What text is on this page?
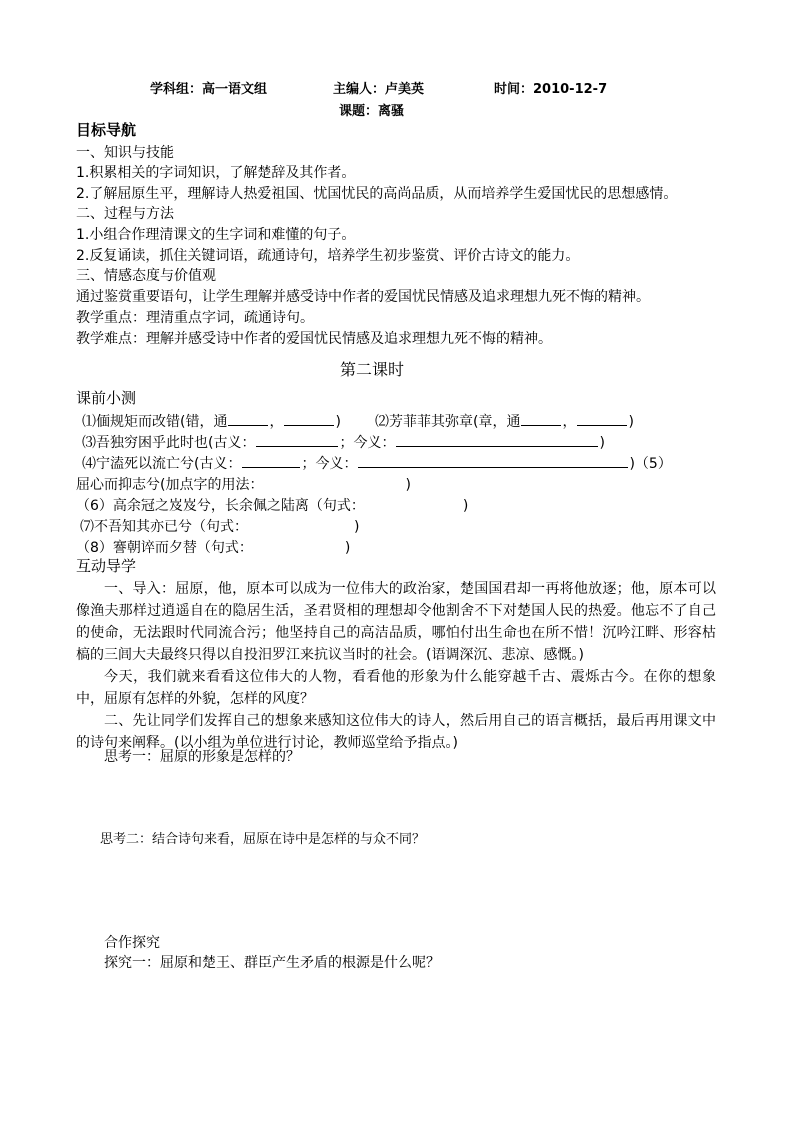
学科组：高一语文组	主编人：卢美英	时间：2010-12-7
课题：离骚
目标导航
一、知识与技能
1.积累相关的字词知识，了解楚辞及其作者。
2.了解屈原生平，理解诗人热爱祖国、忧国忧民的高尚品质，从而培养学生爱国忧民的思想感情。
二、过程与方法
1.小组合作理清课文的生字词和难懂的句子。
2.反复诵读，抓住关键词语，疏通诗句，培养学生初步鉴赏、评价古诗文的能力。
三、情感态度与价值观
通过鉴赏重要语句，让学生理解并感受诗中作者的爱国忧民情感及追求理想九死不悔的精神。
教学重点：理清重点字词，疏通诗句。
教学难点：理解并感受诗中作者的爱国忧民情感及追求理想九死不悔的精神。
第二课时
课前小测
⑴偭规矩而改错(错，通	，	) ⑵芳菲菲其弥章(章，通	，	)
⑶吾独穷困乎此时也(古义：	；今义：	)
⑷宁溘死以流亡兮(古义：	；今义：	)（5）
屈心而抑志兮(加点字的用法：	)
（6）高余冠之岌岌兮，长余佩之陆离（句式：	)
⑺不吾知其亦已兮（句式：	)
（8）謇朝谇而夕替（句式：	)
互动导学

一、导入：屈原，他，原本可以成为一位伟大的政治家，楚国国君却一再将他放逐；他，原本可以像渔夫那样过逍遥自在的隐居生活，圣君贤相的理想却令他割舍不下对楚国人民的热爱。他忘不了自己的使命，无法跟时代同流合污；他坚持自己的高洁品质，哪怕付出生命也在所不惜！沉吟江畔、形容枯槁的三闾大夫最终只得以自投汨罗江来抗议当时的社会。(语调深沉、悲凉、感慨。)

今天，我们就来看看这位伟大的人物，看看他的形象为什么能穿越千古、震烁古今。在你的想象中，屈原有怎样的外貌，怎样的风度？

二、先让同学们发挥自己的想象来感知这位伟大的诗人，然后用自己的语言概括，最后再用课文中的诗句来阐释。(以小组为单位进行讨论，教师巡堂给予指点。)

思考一：屈原的形象是怎样的？
思考二：结合诗句来看，屈原在诗中是怎样的与众不同？
合作探究
探究一：屈原和楚王、群臣产生矛盾的根源是什么呢？
